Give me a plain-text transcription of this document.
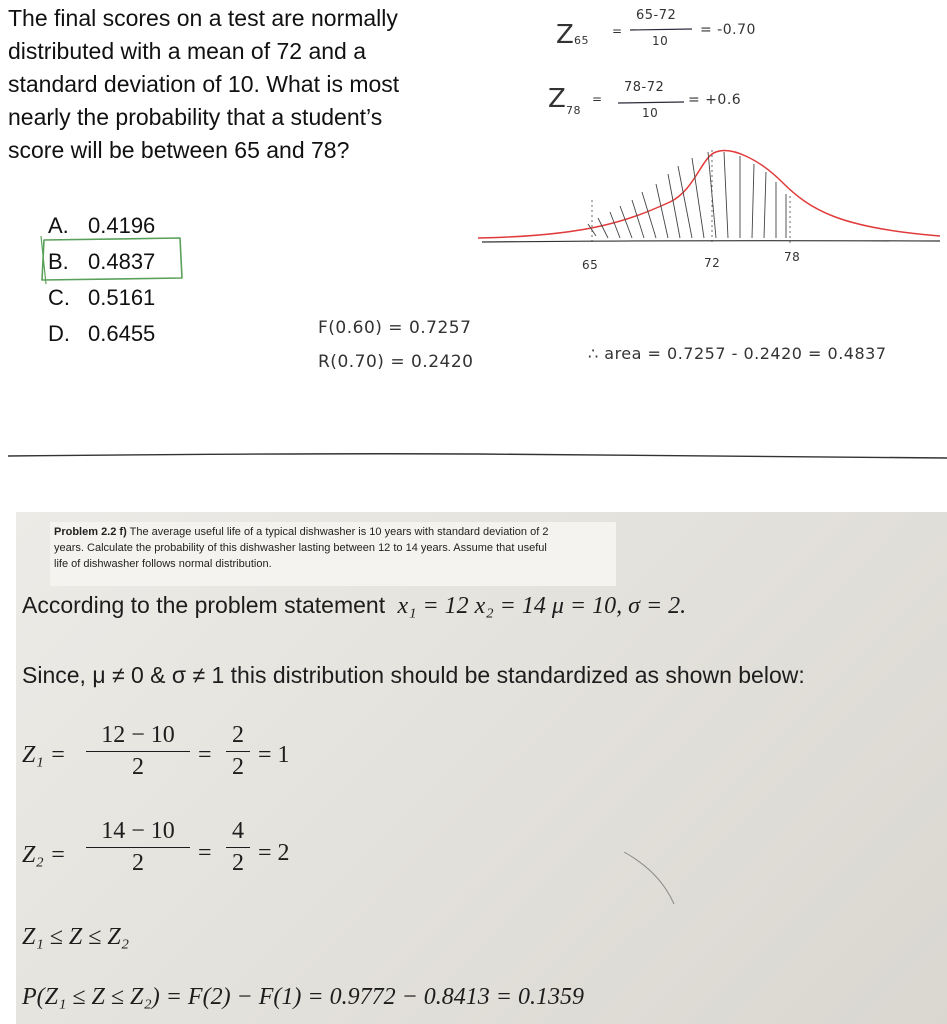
The final scores on a test are normally
distributed with a mean of 72 and a
standard deviation of 10. What is most
nearly the probability that a student’s
score will be between 65 and 78?
A. 0.4196
B. 0.4837
C. 0.5161
D. 0.6455
Z 65
=
65-72
10
= -0.70
Z 78
=
78-72
10
= +0.6
65	72	78
F(0.60) = 0.7257
R(0.70) = 0.2420	∴ area = 0.7257 - 0.2420 = 0.4837
Problem 2.2 f) The average useful life of a typical dishwasher is 10 years with standard deviation of 2
years. Calculate the probability of this dishwasher lasting between 12 to 14 years. Assume that useful
life of dishwasher follows normal distribution.
According to the problem statement x₁ = 12 x₂ = 14 μ = 10, σ = 2.
Since, μ ≠ 0 & σ ≠ 1 this distribution should be standardized as shown below:
Z₁ =
12 − 10
2	=
2
2 = 1
Z₂ =
14 − 10
2	=
4
2 = 2
Z₁ ≤ Z ≤ Z₂
P(Z₁ ≤ Z ≤ Z₂) = F(2) − F(1) = 0.9772 − 0.8413 = 0.1359
